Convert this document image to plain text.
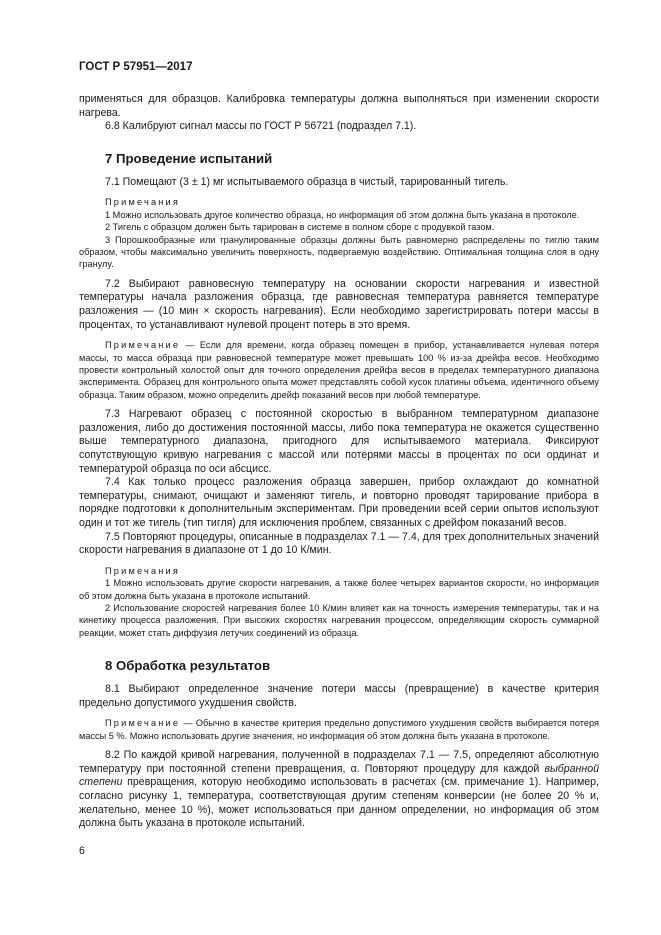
ГОСТ Р 57951—2017

применяться для образцов. Калибровка температуры должна выполняться при изменении скорости нагрева.

6.8 Калибруют сигнал массы по ГОСТ Р 56721 (подраздел 7.1).

7 Проведение испытаний

7.1 Помещают (3 ± 1) мг испытываемого образца в чистый, тарированный тигель.

Примечания

1 Можно использовать другое количество образца, но информация об этом должна быть указана в протоколе.

2 Тигель с образцом должен быть тарирован в системе в полном сборе с продувкой газом.

3 Порошкообразные или гранулированные образцы должны быть равномерно распределены по тиглю таким образом, чтобы максимально увеличить поверхность, подвергаемую воздействию. Оптимальная толщина слоя в одну гранулу.

7.2 Выбирают равновесную температуру на основании скорости нагревания и известной температуры начала разложения образца, где равновесная температура равняется температуре разложения — (10 мин × скорость нагревания). Если необходимо зарегистрировать потери массы в процентах, то устанавливают нулевой процент потерь в это время.

Примечание — Если для времени, когда образец помещен в прибор, устанавливается нулевая потеря массы, то масса образца при равновесной температуре может превышать 100 % из-за дрейфа весов. Необходимо провести контрольный холостой опыт для точного определения дрейфа весов в пределах температурного диапазона эксперимента. Образец для контрольного опыта может представлять собой кусок платины объема, идентичного объему образца. Таким образом, можно определить дрейф показаний весов при любой температуре.

7.3 Нагревают образец с постоянной скоростью в выбранном температурном диапазоне разложения, либо до достижения постоянной массы, либо пока температура не окажется существенно выше температурного диапазона, пригодного для испытываемого материала. Фиксируют сопутствующую кривую нагревания с массой или потерями массы в процентах по оси ординат и температурой образца по оси абсцисс.

7.4 Как только процесс разложения образца завершен, прибор охлаждают до комнатной температуры, снимают, очищают и заменяют тигель, и повторно проводят тарирование прибора в порядке подготовки к дополнительным экспериментам. При проведении всей серии опытов используют один и тот же тигель (тип тигля) для исключения проблем, связанных с дрейфом показаний весов.

7.5 Повторяют процедуры, описанные в подразделах 7.1 — 7.4, для трех дополнительных значений скорости нагревания в диапазоне от 1 до 10 К/мин.

Примечания

1 Можно использовать другие скорости нагревания, а также более четырех вариантов скорости, но информация об этом должна быть указана в протоколе испытаний.

2 Использование скоростей нагревания более 10 К/мин влияет как на точность измерения температуры, так и на кинетику процесса разложения. При высоких скоростях нагревания процессом, определяющим скорость суммарной реакции, может стать диффузия летучих соединений из образца.

8 Обработка результатов

8.1 Выбирают определенное значение потери массы (превращение) в качестве критерия предельно допустимого ухудшения свойств.

Примечание — Обычно в качестве критерия предельно допустимого ухудшения свойств выбирается потеря массы 5 %. Можно использовать другие значения, но информация об этом должна быть указана в протоколе.

8.2 По каждой кривой нагревания, полученной в подразделах 7.1 — 7.5, определяют абсолютную температуру при постоянной степени превращения, α. Повторяют процедуру для каждой выбранной степени превращения, которую необходимо использовать в расчетах (см. примечание 1). Например, согласно рисунку 1, температура, соответствующая другим степеням конверсии (не более 20 % и, желательно, менее 10 %), может использоваться при данном определении, но информация об этом должна быть указана в протоколе испытаний.

6
